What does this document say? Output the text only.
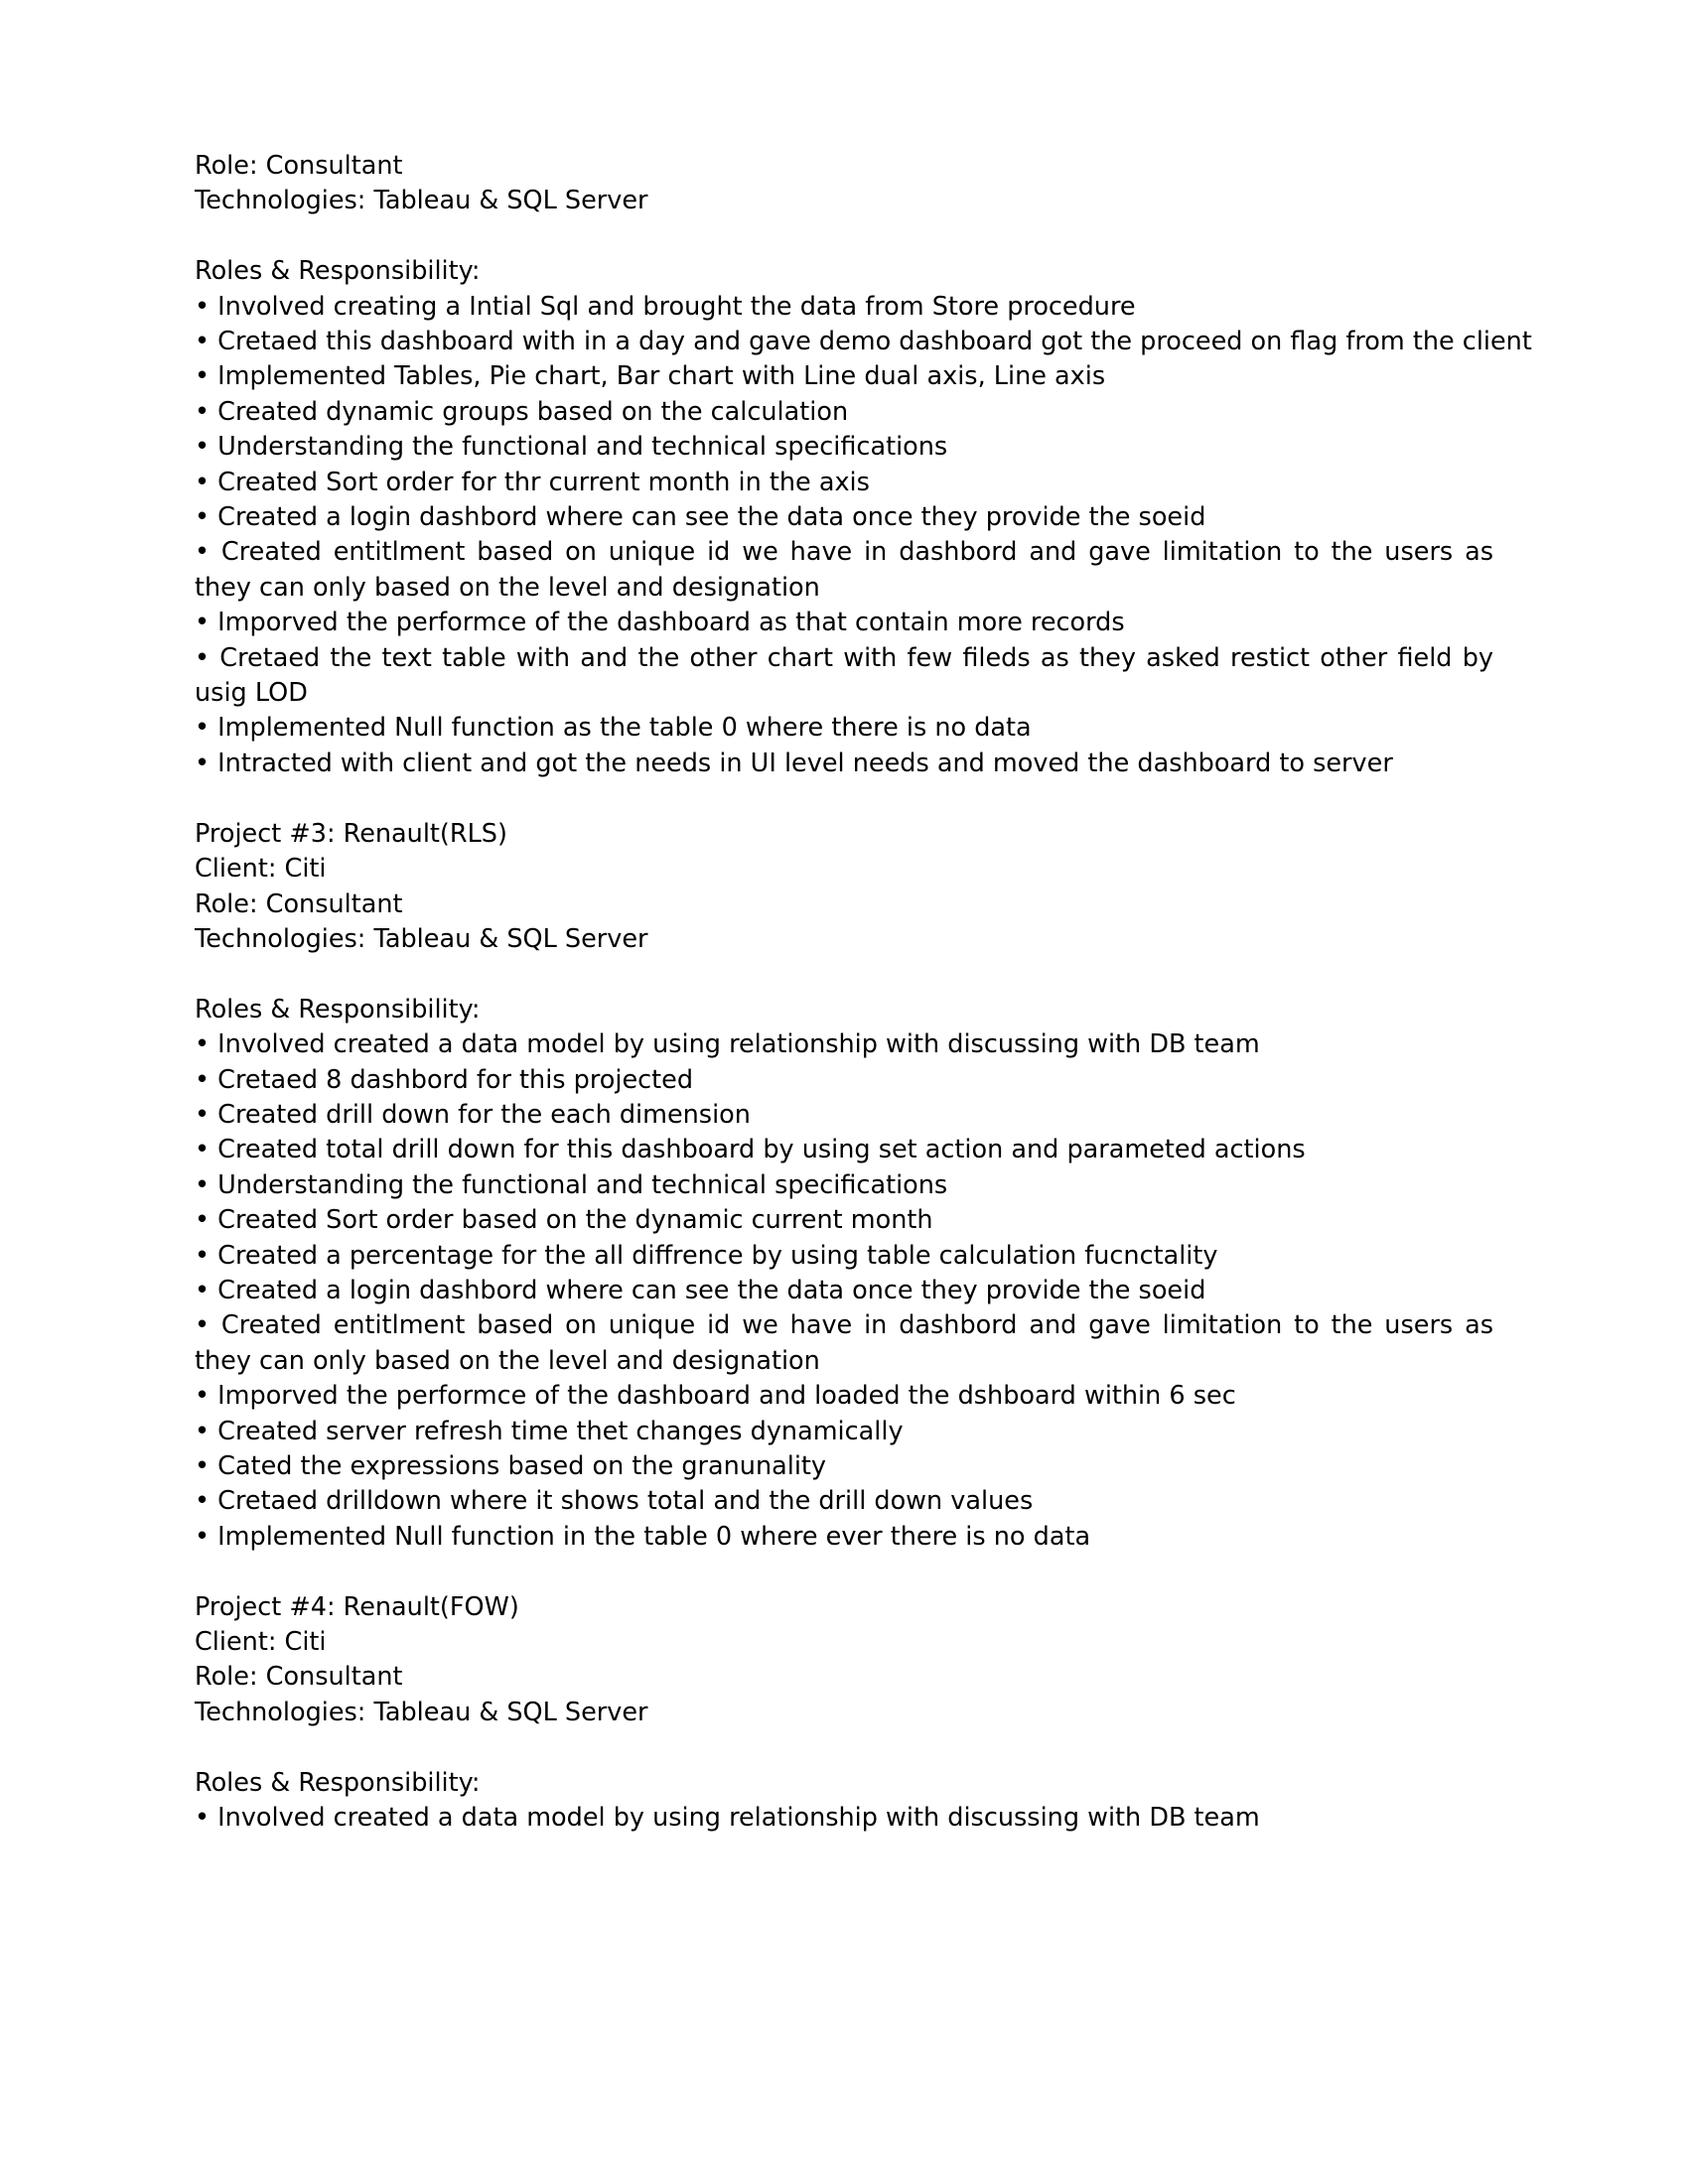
Role: Consultant

Technologies: Tableau & SQL Server

Roles & Responsibility:

• Involved creating a Intial Sql and brought the data from Store procedure

• Cretaed this dashboard with in a day and gave demo dashboard got the proceed on flag from the client

• Implemented Tables, Pie chart, Bar chart with Line dual axis, Line axis

• Created dynamic groups based on the calculation

• Understanding the functional and technical specifications

• Created Sort order for thr current month in the axis

• Created a login dashbord where can see the data once they provide the soeid

• Created entitlment based on unique id we have in dashbord and gave limitation to the users as they can only based on the level and designation

• Imporved the performce of the dashboard as that contain more records

• Cretaed the text table with and the other chart with few fileds as they asked restict other field by usig LOD

• Implemented Null function as the table 0 where there is no data

• Intracted with client and got the needs in UI level needs and moved the dashboard to server

Project #3: Renault(RLS)

Client: Citi

Role: Consultant

Technologies: Tableau & SQL Server

Roles & Responsibility:

• Involved created a data model by using relationship with discussing with DB team

• Cretaed 8 dashbord for this projected

• Created drill down for the each dimension

• Created total drill down for this dashboard by using set action and parameted actions

• Understanding the functional and technical specifications

• Created Sort order based on the dynamic current month

• Created a percentage for the all diffrence by using table calculation fucnctality

• Created a login dashbord where can see the data once they provide the soeid

• Created entitlment based on unique id we have in dashbord and gave limitation to the users as they can only based on the level and designation

• Imporved the performce of the dashboard and loaded the dshboard within 6 sec

• Created server refresh time thet changes dynamically

• Cated the expressions based on the granunality

• Cretaed drilldown where it shows total and the drill down values

• Implemented Null function in the table 0 where ever there is no data

Project #4: Renault(FOW)

Client: Citi

Role: Consultant

Technologies: Tableau & SQL Server

Roles & Responsibility:

• Involved created a data model by using relationship with discussing with DB team
